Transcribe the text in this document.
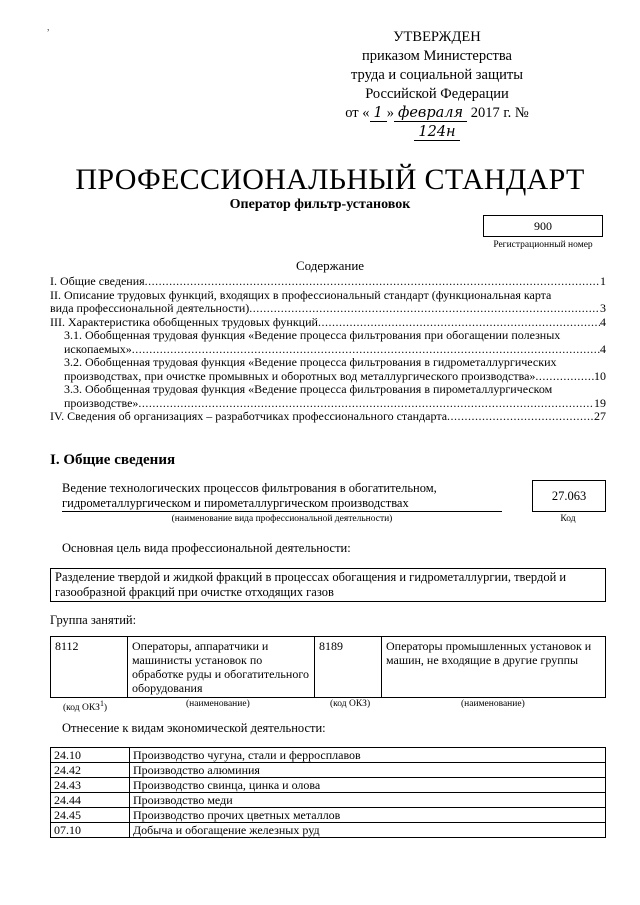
,
УТВЕРЖДЕН
приказом Министерства
труда и социальной защиты
Российской Федерации
от « 1 » февраля 2017 г. № 124н
ПРОФЕССИОНАЛЬНЫЙ СТАНДАРТ
Оператор фильтр-установок
900
Регистрационный номер
Содержание
I. Общие сведения .....	1
II. Описание трудовых функций, входящих в профессиональный стандарт (функциональная карта
вида профессиональной деятельности) .....	3
III. Характеристика обобщенных трудовых функций .....	4
3.1. Обобщенная трудовая функция «Ведение процесса фильтрования при обогащении полезных
ископаемых» .....	4
3.2. Обобщенная трудовая функция «Ведение процесса фильтрования в гидрометаллургических
производствах, при очистке промывных и оборотных вод металлургического производства» .....	10
3.3. Обобщенная трудовая функция «Ведение процесса фильтрования в пирометаллургическом
производстве» .....	19
IV. Сведения об организациях – разработчиках профессионального стандарта .....	27
I. Общие сведения
Ведение технологических процессов фильтрования в обогатительном,
гидрометаллургическом и пирометаллургическом производствах
(наименование вида профессиональной деятельности)
27.063
Код
Основная цель вида профессиональной деятельности:
Разделение твердой и жидкой фракций в процессах обогащения и гидрометаллургии, твердой и газообразной фракций при очистке отходящих газов
Группа занятий:
8112	Операторы, аппаратчики и машинисты установок по обработке руды и обогатительного оборудования	8189	Операторы промышленных установок и машин, не входящие в другие группы
(код ОКЗ$^1$)	(наименование)	(код ОКЗ)	(наименование)
Отнесение к видам экономической деятельности:
24.10	Производство чугуна, стали и ферросплавов
24.42	Производство алюминия
24.43	Производство свинца, цинка и олова
24.44	Производство меди
24.45	Производство прочих цветных металлов
07.10	Добыча и обогащение железных руд
